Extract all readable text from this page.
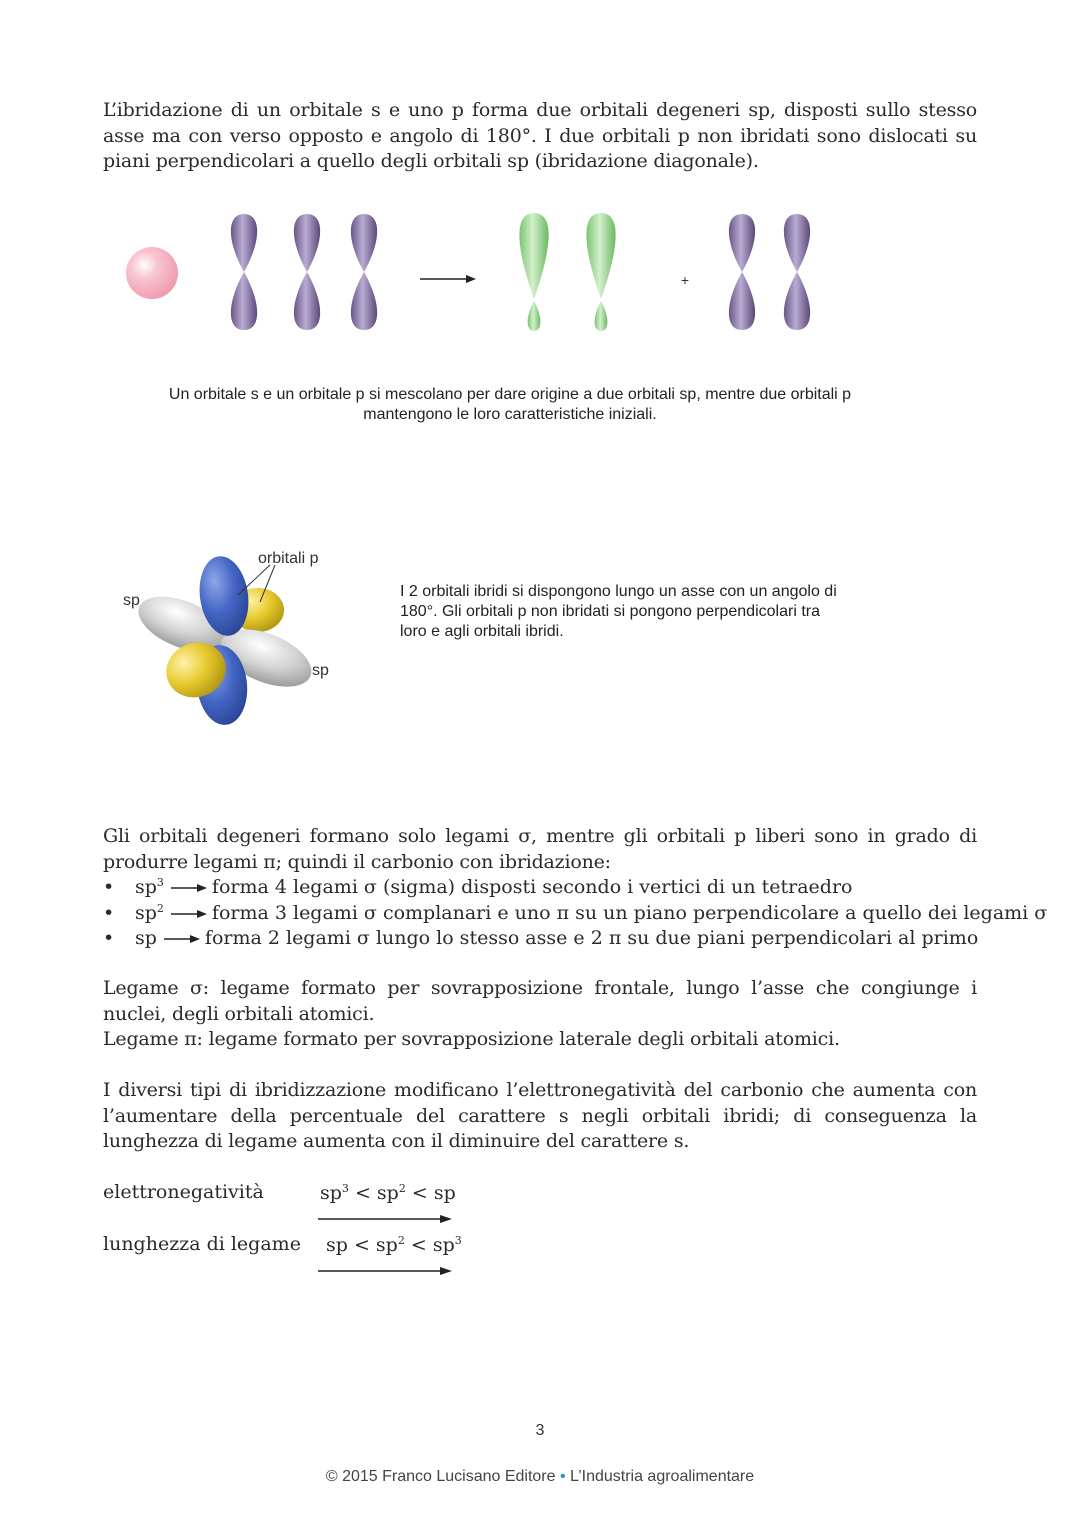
L’ibridazione di un orbitale s e uno p forma due orbitali degeneri sp, disposti sullo stesso asse ma con verso opposto e angolo di 180°. I due orbitali p non ibridati sono dislocati su piani perpendicolari a quello degli orbitali sp (ibridazione diagonale).
+
Un orbitale s e un orbitale p si mescolano per dare origine a due orbitali sp, mentre due orbitali p
mantengono le loro caratteristiche iniziali.
orbitali p
sp
sp
I 2 orbitali ibridi si dispongono lungo un asse con un angolo di
180°. Gli orbitali p non ibridati si pongono perpendicolari tra
loro e agli orbitali ibridi.
Gli orbitali degeneri formano solo legami σ, mentre gli orbitali p liberi sono in grado di produrre legami π; quindi il carbonio con ibridazione:
• $sp^3$	forma 4 legami σ (sigma) disposti secondo i vertici di un tetraedro
• $sp^2$	forma 3 legami σ complanari e uno π su un piano perpendicolare a quello dei legami σ
• sp	forma 2 legami σ lungo lo stesso asse e 2 π su due piani perpendicolari al primo
Legame σ: legame formato per sovrapposizione frontale, lungo l’asse che congiunge i nuclei, degli orbitali atomici.
Legame π: legame formato per sovrapposizione laterale degli orbitali atomici.
I diversi tipi di ibridizzazione modificano l’elettronegatività del carbonio che aumenta con l’aumentare della percentuale del carattere s negli orbitali ibridi; di conseguenza la lunghezza di legame aumenta con il diminuire del carattere s.
elettronegatività	$sp^3 < sp^2$ < sp
lunghezza di legame sp < $sp^2 < sp^3$
3
© 2015 Franco Lucisano Editore • L’Industria agroalimentare
